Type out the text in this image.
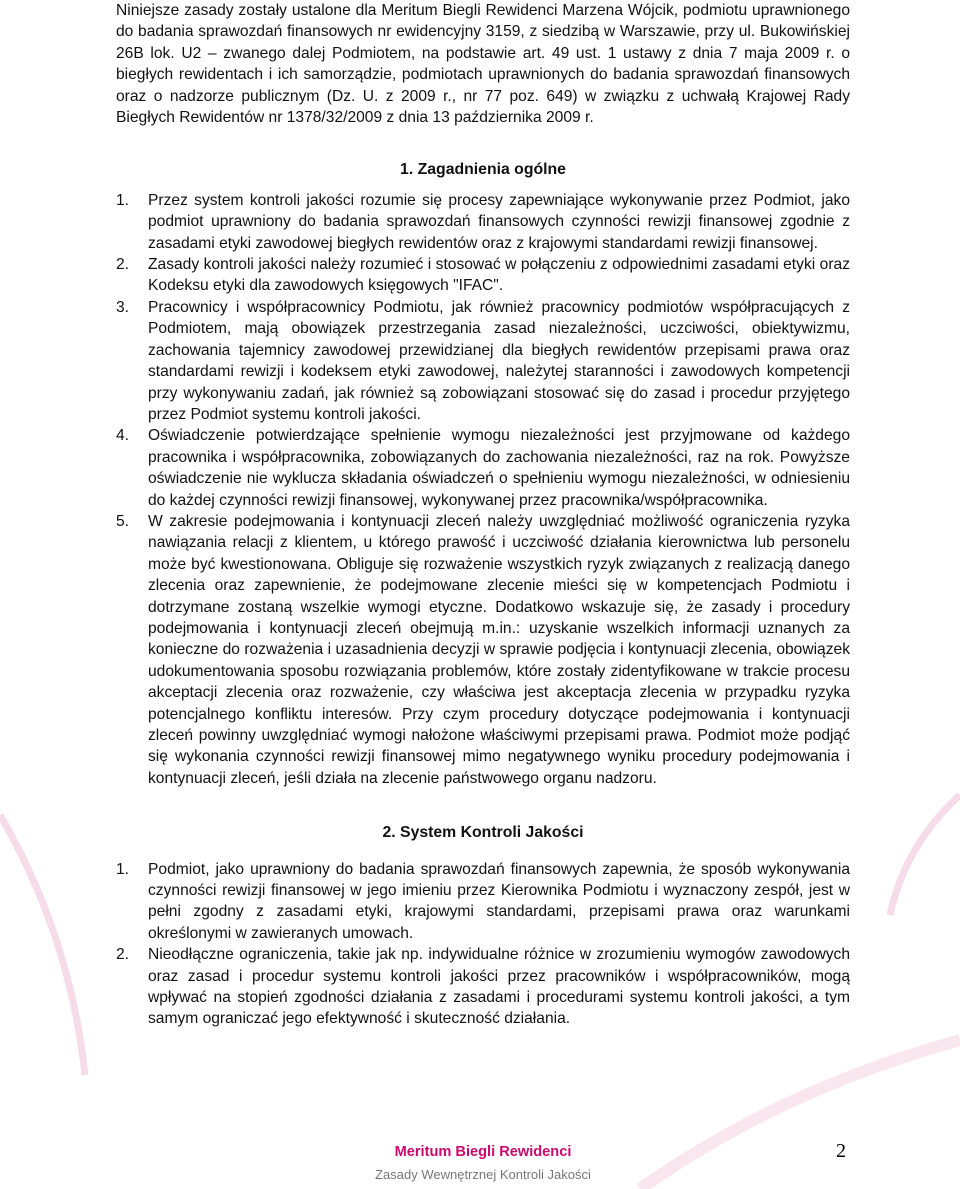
Niniejsze zasady zostały ustalone dla Meritum Biegli Rewidenci Marzena Wójcik, podmiotu uprawnionego do badania sprawozdań finansowych nr ewidencyjny 3159, z siedzibą w Warszawie, przy ul. Bukowińskiej 26B lok. U2 – zwanego dalej Podmiotem, na podstawie art. 49 ust. 1 ustawy z dnia 7 maja 2009 r. o biegłych rewidentach i ich samorządzie, podmiotach uprawnionych do badania sprawozdań finansowych oraz o nadzorze publicznym (Dz. U. z 2009 r., nr 77 poz. 649) w związku z uchwałą Krajowej Rady Biegłych Rewidentów nr 1378/32/2009 z dnia 13 października 2009 r.

1. Zagadnienia ogólne
1.	Przez system kontroli jakości rozumie się procesy zapewniające wykonywanie przez Podmiot, jako podmiot uprawniony do badania sprawozdań finansowych czynności rewizji finansowej zgodnie z zasadami etyki zawodowej biegłych rewidentów oraz z krajowymi standardami rewizji finansowej.
2.	Zasady kontroli jakości należy rozumieć i stosować w połączeniu z odpowiednimi zasadami etyki oraz Kodeksu etyki dla zawodowych księgowych "IFAC".
3.	Pracownicy i współpracownicy Podmiotu, jak również pracownicy podmiotów współpracujących z Podmiotem, mają obowiązek przestrzegania zasad niezależności, uczciwości, obiektywizmu, zachowania tajemnicy zawodowej przewidzianej dla biegłych rewidentów przepisami prawa oraz standardami rewizji i kodeksem etyki zawodowej, należytej staranności i zawodowych kompetencji przy wykonywaniu zadań, jak również są zobowiązani stosować się do zasad i procedur przyjętego przez Podmiot systemu kontroli jakości.
4.	Oświadczenie potwierdzające spełnienie wymogu niezależności jest przyjmowane od każdego pracownika i współpracownika, zobowiązanych do zachowania niezależności, raz na rok. Powyższe oświadczenie nie wyklucza składania oświadczeń o spełnieniu wymogu niezależności, w odniesieniu do każdej czynności rewizji finansowej, wykonywanej przez pracownika/współpracownika.
5.	W zakresie podejmowania i kontynuacji zleceń należy uwzględniać możliwość ograniczenia ryzyka nawiązania relacji z klientem, u którego prawość i uczciwość działania kierownictwa lub personelu może być kwestionowana. Obliguje się rozważenie wszystkich ryzyk związanych z realizacją danego zlecenia oraz zapewnienie, że podejmowane zlecenie mieści się w kompetencjach Podmiotu i dotrzymane zostaną wszelkie wymogi etyczne. Dodatkowo wskazuje się, że zasady i procedury podejmowania i kontynuacji zleceń obejmują m.in.: uzyskanie wszelkich informacji uznanych za konieczne do rozważenia i uzasadnienia decyzji w sprawie podjęcia i kontynuacji zlecenia, obowiązek udokumentowania sposobu rozwiązania problemów, które zostały zidentyfikowane w trakcie procesu akceptacji zlecenia oraz rozważenie, czy właściwa jest akceptacja zlecenia w przypadku ryzyka potencjalnego konfliktu interesów. Przy czym procedury dotyczące podejmowania i kontynuacji zleceń powinny uwzględniać wymogi nałożone właściwymi przepisami prawa. Podmiot może podjąć się wykonania czynności rewizji finansowej mimo negatywnego wyniku procedury podejmowania i kontynuacji zleceń, jeśli działa na zlecenie państwowego organu nadzoru.
2. System Kontroli Jakości
1.	Podmiot, jako uprawniony do badania sprawozdań finansowych zapewnia, że sposób wykonywania czynności rewizji finansowej w jego imieniu przez Kierownika Podmiotu i wyznaczony zespół, jest w pełni zgodny z zasadami etyki, krajowymi standardami, przepisami prawa oraz warunkami określonymi w zawieranych umowach.
2.	Nieodłączne ograniczenia, takie jak np. indywidualne różnice w zrozumieniu wymogów zawodowych oraz zasad i procedur systemu kontroli jakości przez pracowników i współpracowników, mogą wpływać na stopień zgodności działania z zasadami i procedurami systemu kontroli jakości, a tym samym ograniczać jego efektywność i skuteczność działania.
Meritum Biegli Rewidenci
Zasady Wewnętrznej Kontroli Jakości
2
